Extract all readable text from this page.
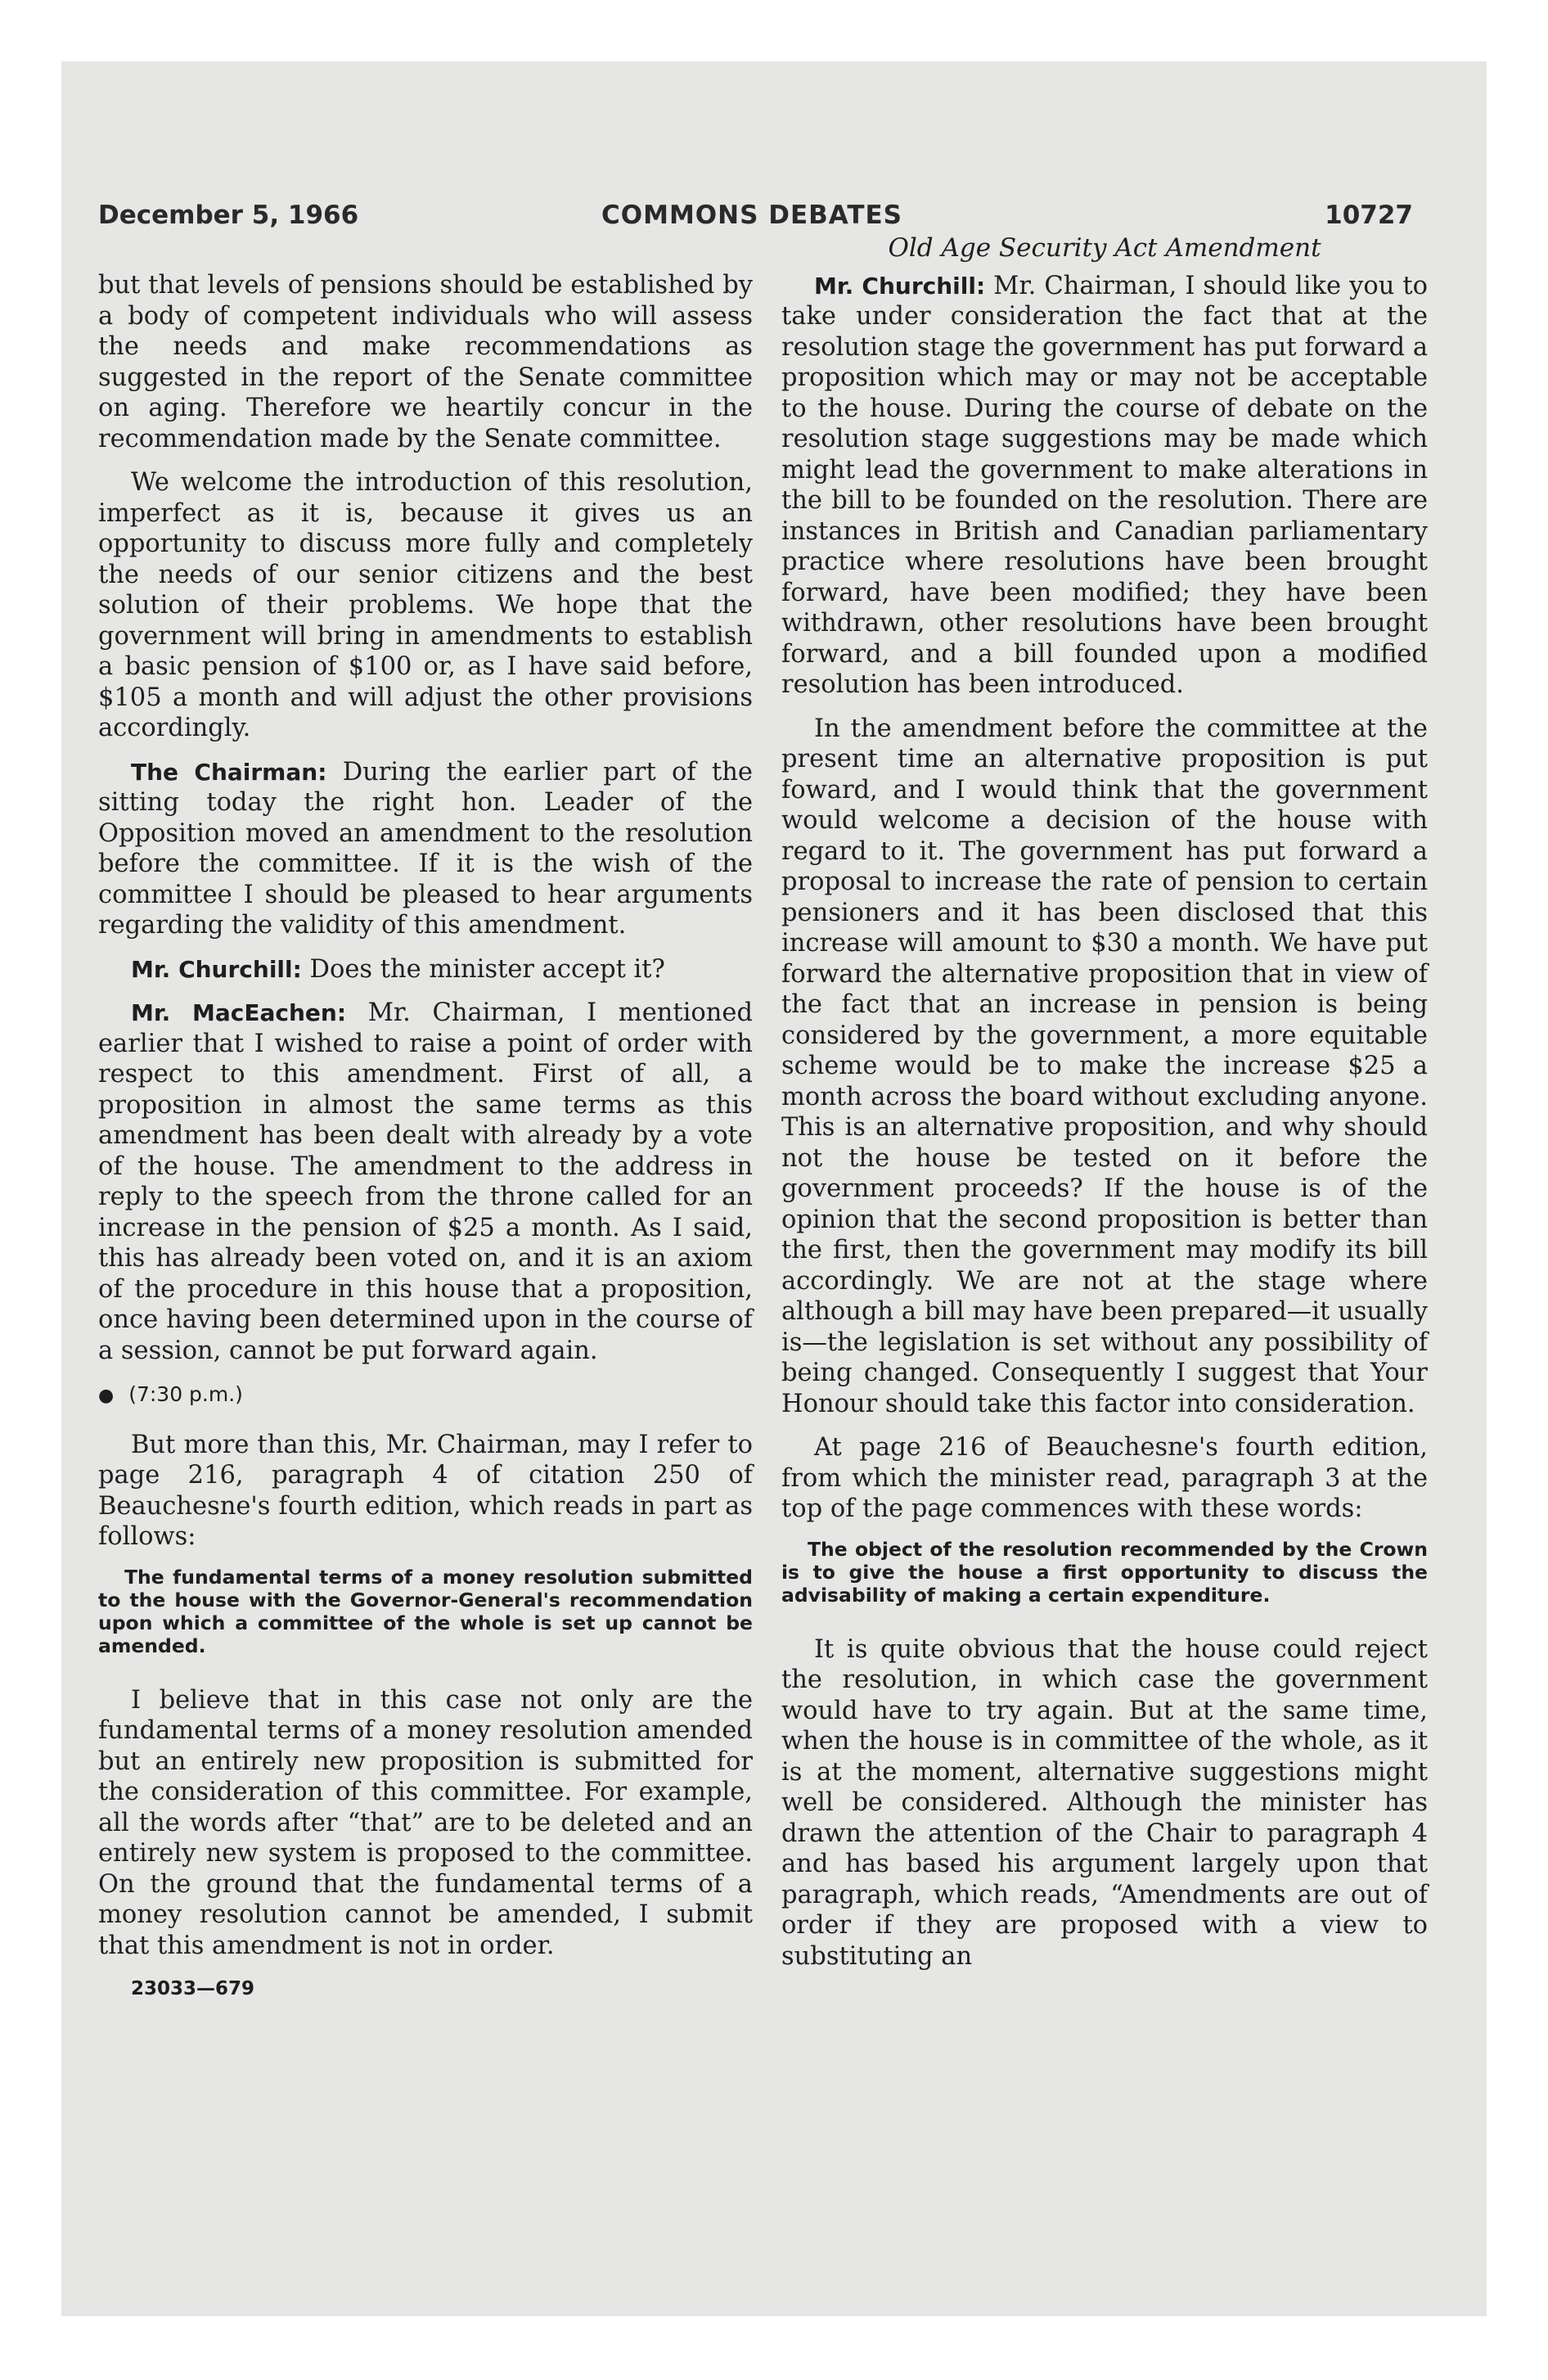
December 5, 1966	COMMONS DEBATES	10727

but that levels of pensions should be established by a body of competent individuals who will assess the needs and make recommendations as suggested in the report of the Senate committee on aging. Therefore we heartily concur in the recommendation made by the Senate committee.

We welcome the introduction of this resolution, imperfect as it is, because it gives us an opportunity to discuss more fully and completely the needs of our senior citizens and the best solution of their problems. We hope that the government will bring in amendments to establish a basic pension of $100 or, as I have said before, $105 a month and will adjust the other provisions accordingly.

The Chairman: During the earlier part of the sitting today the right hon. Leader of the Opposition moved an amendment to the resolution before the committee. If it is the wish of the committee I should be pleased to hear arguments regarding the validity of this amendment.

Mr. Churchill: Does the minister accept it?

Mr. MacEachen: Mr. Chairman, I mentioned earlier that I wished to raise a point of order with respect to this amendment. First of all, a proposition in almost the same terms as this amendment has been dealt with already by a vote of the house. The amendment to the address in reply to the speech from the throne called for an increase in the pension of $25 a month. As I said, this has already been voted on, and it is an axiom of the procedure in this house that a proposition, once having been determined upon in the course of a session, cannot be put forward again.

● (7:30 p.m.)

But more than this, Mr. Chairman, may I refer to page 216, paragraph 4 of citation 250 of Beauchesne's fourth edition, which reads in part as follows:

The fundamental terms of a money resolution submitted to the house with the Governor-General's recommendation upon which a committee of the whole is set up cannot be amended.

I believe that in this case not only are the fundamental terms of a money resolution amended but an entirely new proposition is submitted for the consideration of this committee. For example, all the words after “that” are to be deleted and an entirely new system is proposed to the committee. On the ground that the fundamental terms of a money resolution cannot be amended, I submit that this amendment is not in order.

23033—679
Old Age Security Act Amendment

Mr. Churchill: Mr. Chairman, I should like you to take under consideration the fact that at the resolution stage the government has put forward a proposition which may or may not be acceptable to the house. During the course of debate on the resolution stage suggestions may be made which might lead the government to make alterations in the bill to be founded on the resolution. There are instances in British and Canadian parliamentary practice where resolutions have been brought forward, have been modified; they have been withdrawn, other resolutions have been brought forward, and a bill founded upon a modified resolution has been introduced.

In the amendment before the committee at the present time an alternative proposition is put foward, and I would think that the government would welcome a decision of the house with regard to it. The government has put forward a proposal to increase the rate of pension to certain pensioners and it has been disclosed that this increase will amount to $30 a month. We have put forward the alternative proposition that in view of the fact that an increase in pension is being considered by the government, a more equitable scheme would be to make the increase $25 a month across the board without excluding anyone. This is an alternative proposition, and why should not the house be tested on it before the government proceeds? If the house is of the opinion that the second proposition is better than the first, then the government may modify its bill accordingly. We are not at the stage where although a bill may have been prepared—it usually is—the legislation is set without any possibility of being changed. Consequently I suggest that Your Honour should take this factor into consideration.

At page 216 of Beauchesne's fourth edition, from which the minister read, paragraph 3 at the top of the page commences with these words:

The object of the resolution recommended by the Crown is to give the house a first opportunity to discuss the advisability of making a certain expenditure.

It is quite obvious that the house could reject the resolution, in which case the government would have to try again. But at the same time, when the house is in committee of the whole, as it is at the moment, alternative suggestions might well be considered. Although the minister has drawn the attention of the Chair to paragraph 4 and has based his argument largely upon that paragraph, which reads, “Amendments are out of order if they are proposed with a view to substituting an
